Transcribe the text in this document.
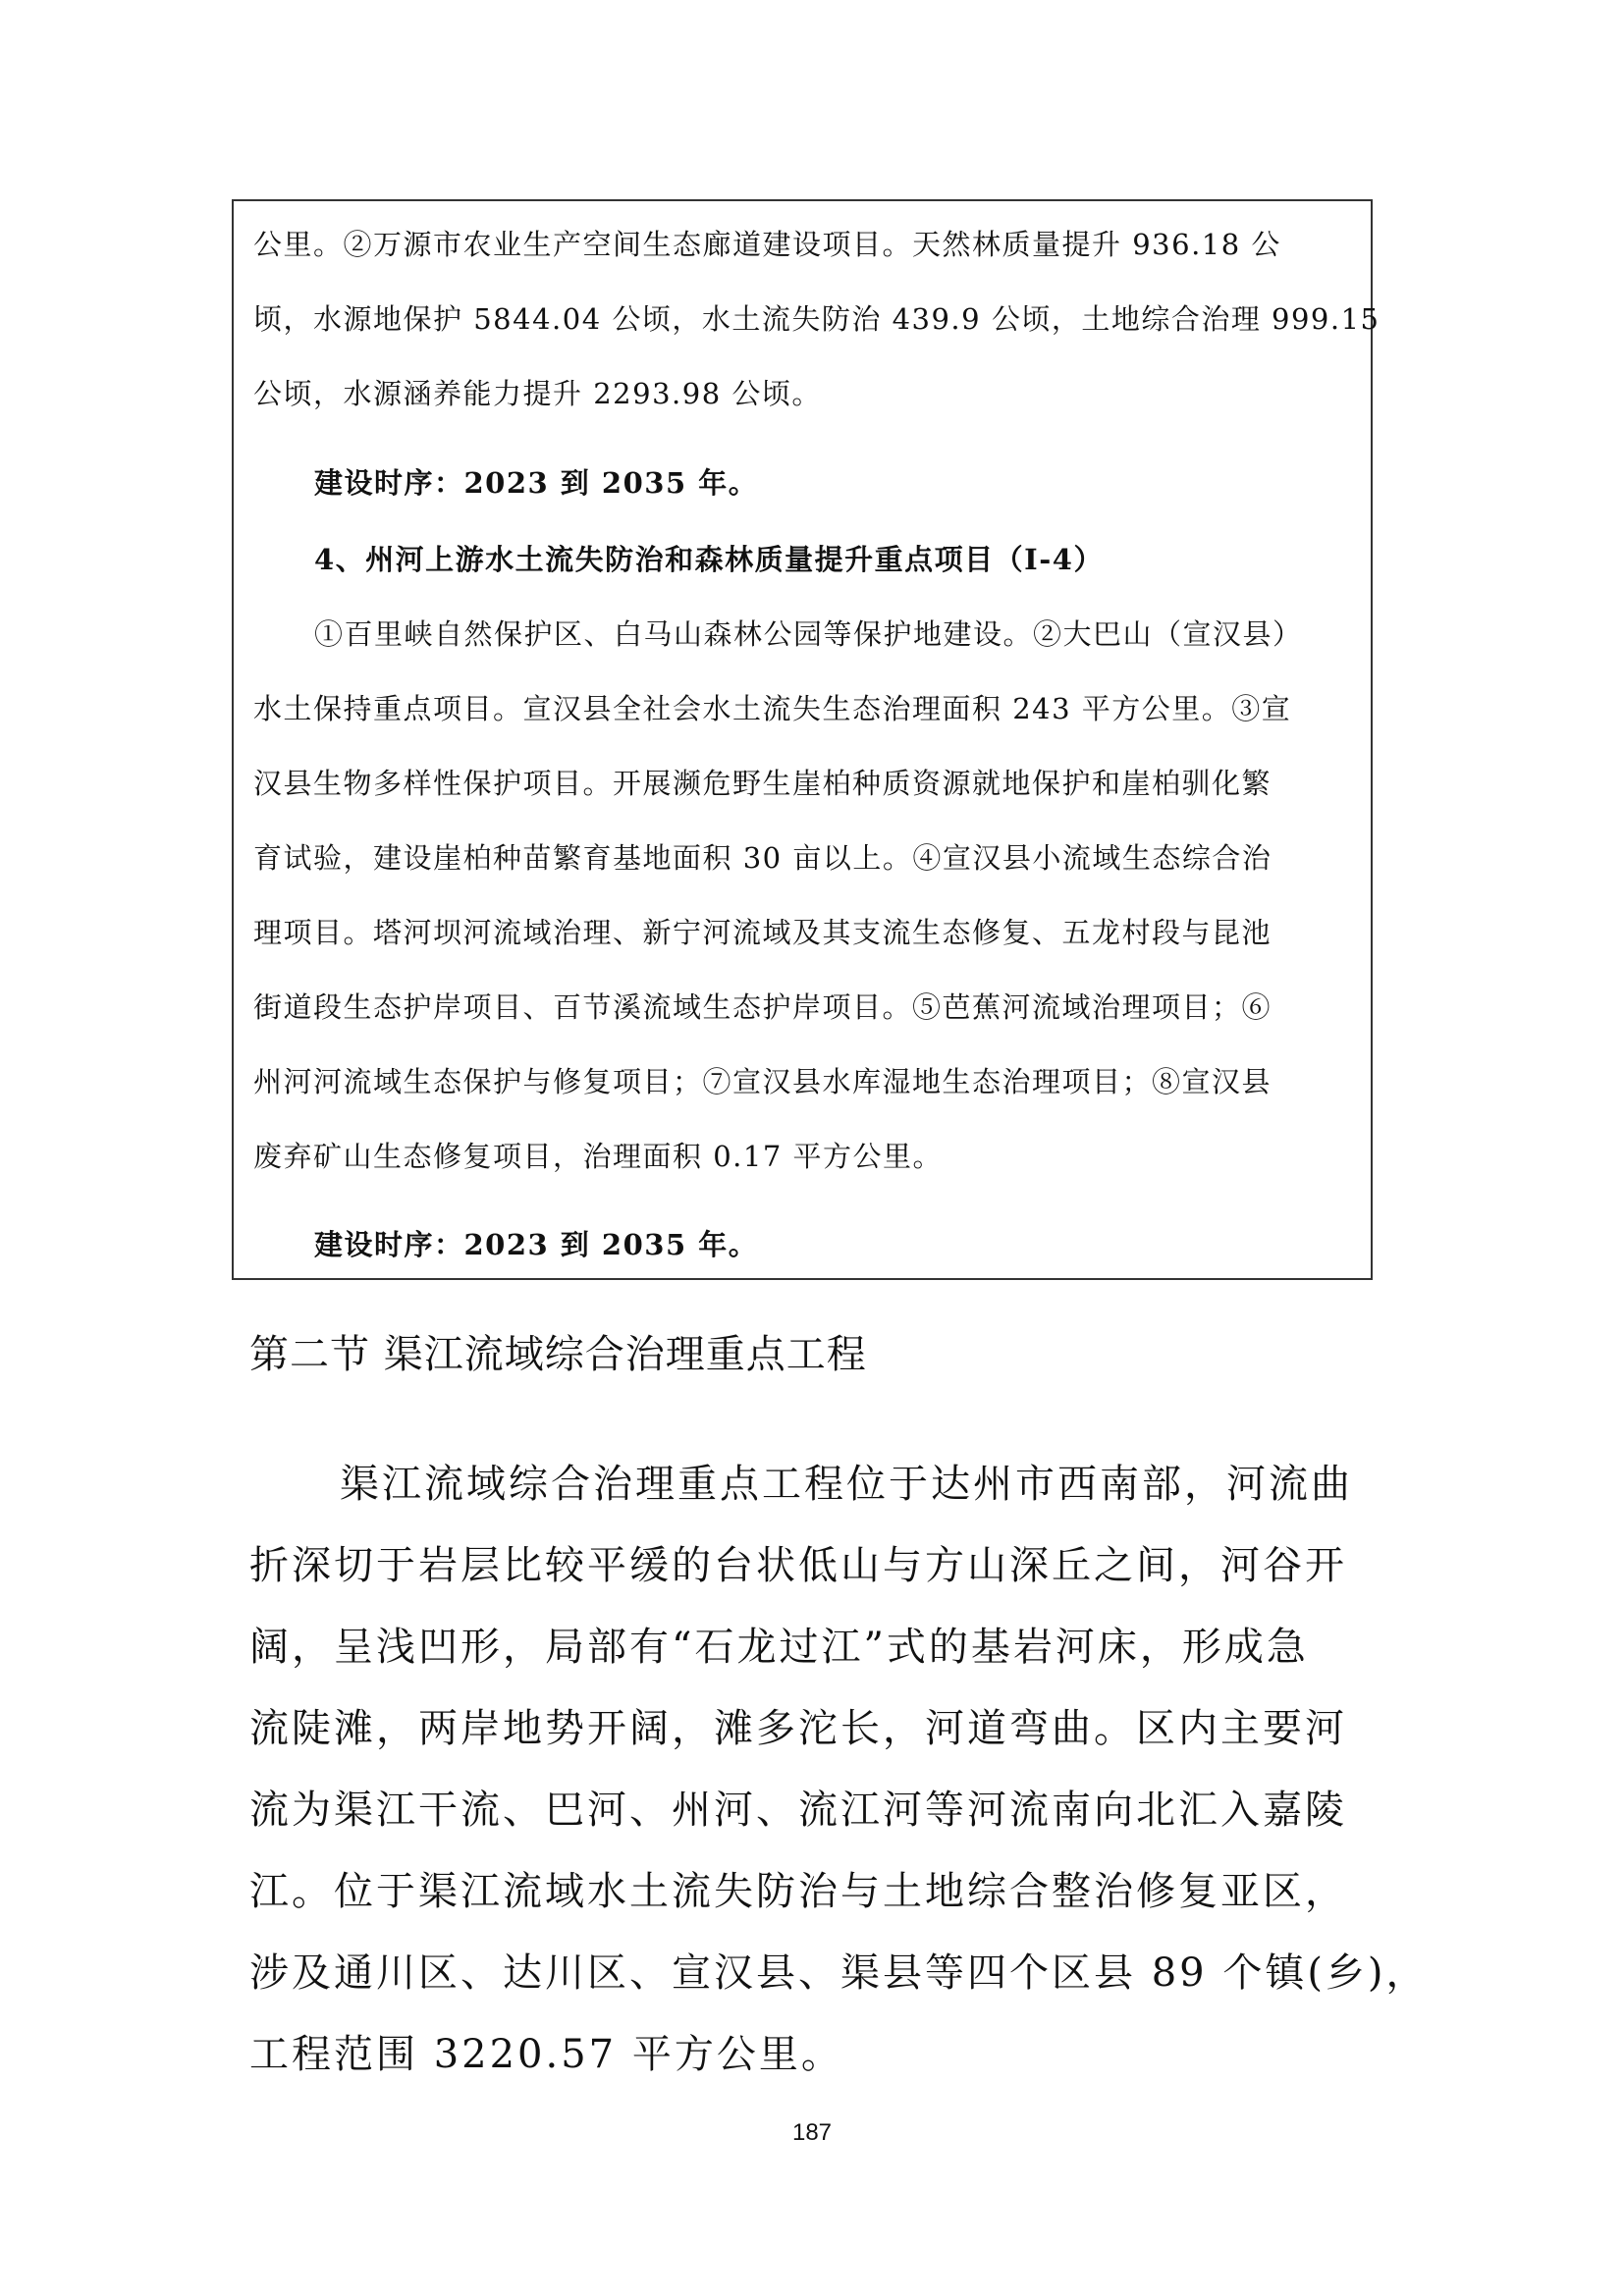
公里。②万源市农业生产空间生态廊道建设项目。天然林质量提升 936.18 公
顷，水源地保护 5844.04 公顷，水土流失防治 439.9 公顷，土地综合治理 999.15
公顷，水源涵养能力提升 2293.98 公顷。
建设时序：2023 到 2035 年。
4、州河上游水土流失防治和森林质量提升重点项目（I-4）
①百里峡自然保护区、白马山森林公园等保护地建设。②大巴山（宣汉县）
水土保持重点项目。宣汉县全社会水土流失生态治理面积 243 平方公里。③宣
汉县生物多样性保护项目。开展濒危野生崖柏种质资源就地保护和崖柏驯化繁
育试验，建设崖柏种苗繁育基地面积 30 亩以上。④宣汉县小流域生态综合治
理项目。塔河坝河流域治理、新宁河流域及其支流生态修复、五龙村段与昆池
街道段生态护岸项目、百节溪流域生态护岸项目。⑤芭蕉河流域治理项目；⑥
州河河流域生态保护与修复项目；⑦宣汉县水库湿地生态治理项目；⑧宣汉县
废弃矿山生态修复项目，治理面积 0.17 平方公里。
建设时序：2023 到 2035 年。
第二节 渠江流域综合治理重点工程
渠江流域综合治理重点工程位于达州市西南部，河流曲
折深切于岩层比较平缓的台状低山与方山深丘之间，河谷开
阔，呈浅凹形，局部有“石龙过江”式的基岩河床，形成急
流陡滩，两岸地势开阔，滩多沱长，河道弯曲。区内主要河
流为渠江干流、巴河、州河、流江河等河流南向北汇入嘉陵
江。位于渠江流域水土流失防治与土地综合整治修复亚区，
涉及通川区、达川区、宣汉县、渠县等四个区县 89 个镇(乡)，
工程范围 3220.57 平方公里。
187
